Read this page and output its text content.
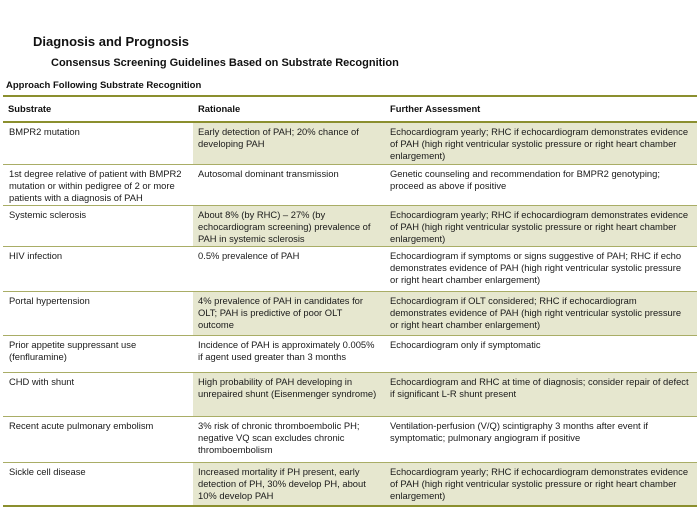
Diagnosis and Prognosis
Consensus Screening Guidelines Based on Substrate Recognition
Approach Following Substrate Recognition
Substrate	Rationale	Further Assessment
BMPR2 mutation	Early detection of PAH; 20% chance of developing PAH	Echocardiogram yearly; RHC if echocardiogram demonstrates evidence of PAH (high right ventricular systolic pressure or right heart chamber enlargement)
1st degree relative of patient with BMPR2 mutation or within pedigree of 2 or more patients with a diagnosis of PAH	Autosomal dominant transmission	Genetic counseling and recommendation for BMPR2 genotyping; proceed as above if positive
Systemic sclerosis	About 8% (by RHC) – 27% (by echocardiogram screening) prevalence of PAH in systemic sclerosis	Echocardiogram yearly; RHC if echocardiogram demonstrates evidence of PAH (high right ventricular systolic pressure or right heart chamber enlargement)
HIV infection	0.5% prevalence of PAH	Echocardiogram if symptoms or signs suggestive of PAH; RHC if echo demonstrates evidence of PAH (high right ventricular systolic pressure or right heart chamber enlargement)
Portal hypertension	4% prevalence of PAH in candidates for OLT; PAH is predictive of poor OLT outcome	Echocardiogram if OLT considered; RHC if echocardiogram demonstrates evidence of PAH (high right ventricular systolic pressure or right heart chamber enlargement)
Prior appetite suppressant use (fenfluramine)	Incidence of PAH is approximately 0.005% if agent used greater than 3 months	Echocardiogram only if symptomatic
CHD with shunt	High probability of PAH developing in unrepaired shunt (Eisenmenger syndrome)	Echocardiogram and RHC at time of diagnosis; consider repair of defect if significant L-R shunt present
Recent acute pulmonary embolism	3% risk of chronic thromboembolic PH; negative VQ scan excludes chronic thromboembolism	Ventilation-perfusion (V/Q) scintigraphy 3 months after event if symptomatic; pulmonary angiogram if positive
Sickle cell disease	Increased mortality if PH present, early detection of PH, 30% develop PH, about 10% develop PAH	Echocardiogram yearly; RHC if echocardiogram demonstrates evidence of PAH (high right ventricular systolic pressure or right heart chamber enlargement)
